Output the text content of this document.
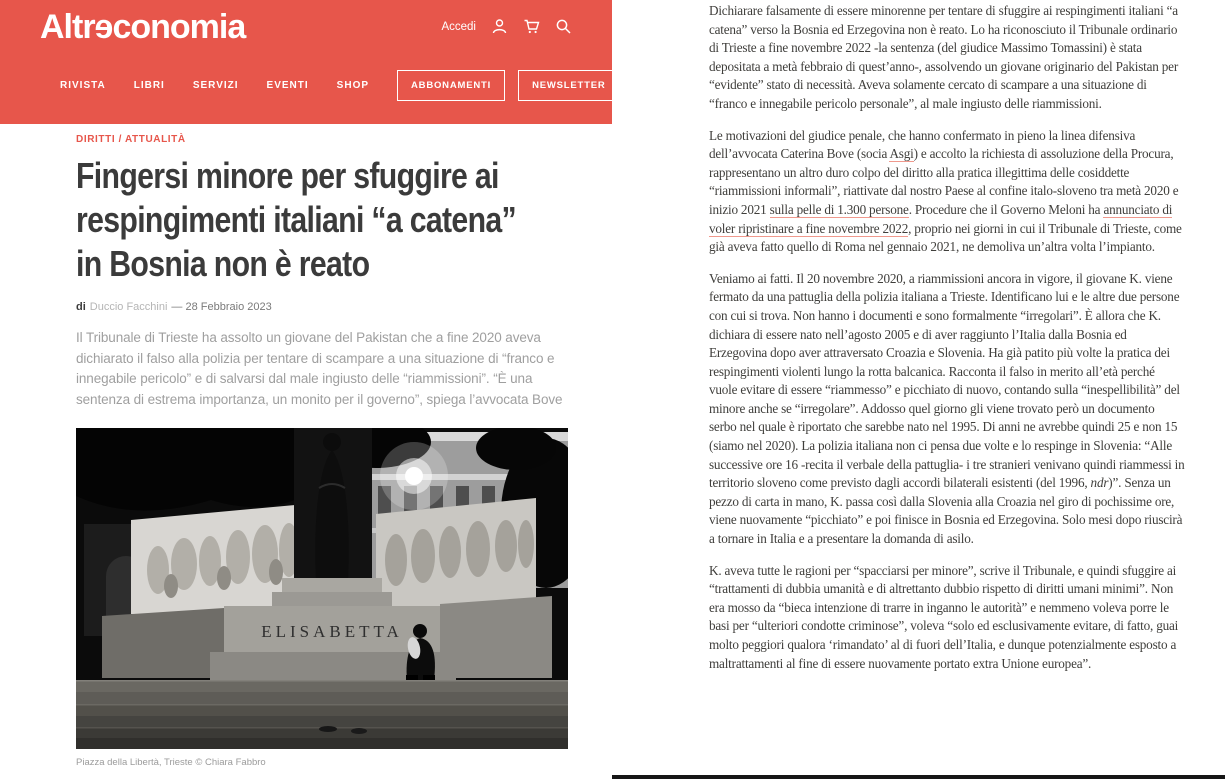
Altrɘconomia	Accedi
RIVISTA	LIBRI	SERVIZI	EVENTI	SHOP	ABBONAMENTI	NEWSLETTER
DIRITTI / ATTUALITÀ
Fingersi minore per sfuggire ai
respingimenti italiani “a catena”
in Bosnia non è reato
di Duccio Facchini — 28 Febbraio 2023

Il Tribunale di Trieste ha assolto un giovane del Pakistan che a fine 2020 aveva dichiarato il falso alla polizia per tentare di scampare a una situazione di “franco e innegabile pericolo” e di salvarsi dal male ingiusto delle “riammissioni”. “È una sentenza di estrema importanza, un monito per il governo”, spiega l’avvocata Bove

ELISABETTA
Piazza della Libertà, Trieste © Chiara Fabbro

Dichiarare falsamente di essere minorenne per tentare di sfuggire ai respingimenti italiani “a catena” verso la Bosnia ed Erzegovina non è reato. Lo ha riconosciuto il Tribunale ordinario di Trieste a fine novembre 2022 -la sentenza (del giudice Massimo Tomassini) è stata depositata a metà febbraio di quest’anno-, assolvendo un giovane originario del Pakistan per “evidente” stato di necessità. Aveva solamente cercato di scampare a una situazione di “franco e innegabile pericolo personale”, al male ingiusto delle riammissioni.

Le motivazioni del giudice penale, che hanno confermato in pieno la linea difensiva dell’avvocata Caterina Bove (socia Asgi) e accolto la richiesta di assoluzione della Procura, rappresentano un altro duro colpo del diritto alla pratica illegittima delle cosiddette “riammissioni informali”, riattivate dal nostro Paese al confine italo-sloveno tra metà 2020 e inizio 2021 sulla pelle di 1.300 persone. Procedure che il Governo Meloni ha annunciato di voler ripristinare a fine novembre 2022, proprio nei giorni in cui il Tribunale di Trieste, come già aveva fatto quello di Roma nel gennaio 2021, ne demoliva un’altra volta l’impianto.

Veniamo ai fatti. Il 20 novembre 2020, a riammissioni ancora in vigore, il giovane K. viene fermato da una pattuglia della polizia italiana a Trieste. Identificano lui e le altre due persone con cui si trova. Non hanno i documenti e sono formalmente “irregolari”. È allora che K. dichiara di essere nato nell’agosto 2005 e di aver raggiunto l’Italia dalla Bosnia ed Erzegovina dopo aver attraversato Croazia e Slovenia. Ha già patito più volte la pratica dei respingimenti violenti lungo la rotta balcanica. Racconta il falso in merito all’età perché vuole evitare di essere “riammesso” e picchiato di nuovo, contando sulla “inespellibilità” del minore anche se “irregolare”. Addosso quel giorno gli viene trovato però un documento serbo nel quale è riportato che sarebbe nato nel 1995. Di anni ne avrebbe quindi 25 e non 15 (siamo nel 2020). La polizia italiana non ci pensa due volte e lo respinge in Slovenia: “Alle successive ore 16 -recita il verbale della pattuglia- i tre stranieri venivano quindi riammessi in territorio sloveno come previsto dagli accordi bilaterali esistenti (del 1996, ndr)”. Senza un pezzo di carta in mano, K. passa così dalla Slovenia alla Croazia nel giro di pochissime ore, viene nuovamente “picchiato” e poi finisce in Bosnia ed Erzegovina. Solo mesi dopo riuscirà a tornare in Italia e a presentare la domanda di asilo.

K. aveva tutte le ragioni per “spacciarsi per minore”, scrive il Tribunale, e quindi sfuggire ai “trattamenti di dubbia umanità e di altrettanto dubbio rispetto di diritti umani minimi”. Non era mosso da “bieca intenzione di trarre in inganno le autorità” e nemmeno voleva porre le basi per “ulteriori condotte criminose”, voleva “solo ed esclusivamente evitare, di fatto, guai molto peggiori qualora ‘rimandato’ al di fuori dell’Italia, e dunque potenzialmente esposto a maltrattamenti al fine di essere nuovamente portato extra Unione europea”.
